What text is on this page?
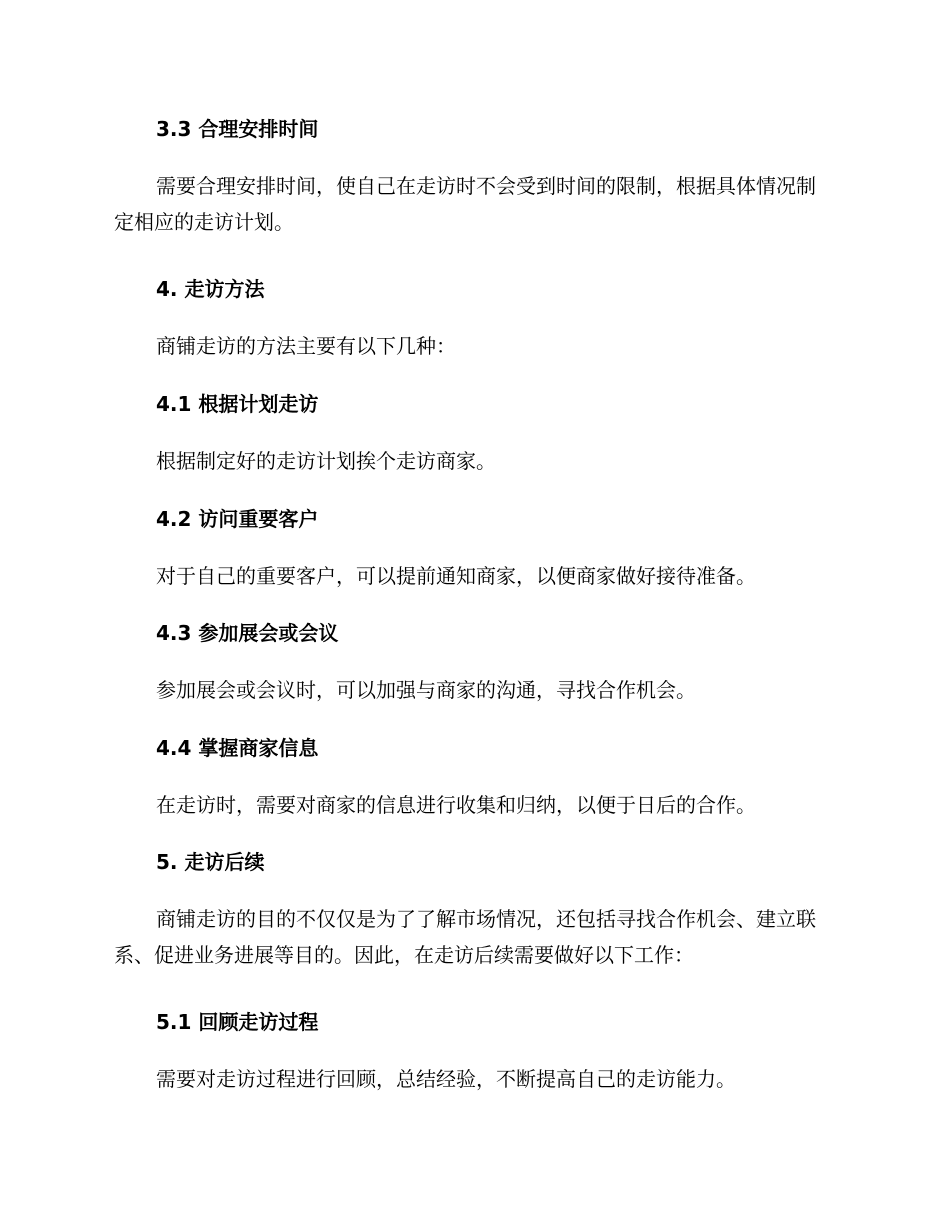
3.3 合理安排时间
需要合理安排时间，使自己在走访时不会受到时间的限制，根据具体情况制定相应的走访计划。
4. 走访方法
商铺走访的方法主要有以下几种：
4.1 根据计划走访
根据制定好的走访计划挨个走访商家。
4.2 访问重要客户
对于自己的重要客户，可以提前通知商家，以便商家做好接待准备。
4.3 参加展会或会议
参加展会或会议时，可以加强与商家的沟通，寻找合作机会。
4.4 掌握商家信息
在走访时，需要对商家的信息进行收集和归纳，以便于日后的合作。
5. 走访后续
商铺走访的目的不仅仅是为了了解市场情况，还包括寻找合作机会、建立联系、促进业务进展等目的。因此，在走访后续需要做好以下工作：
5.1 回顾走访过程
需要对走访过程进行回顾，总结经验，不断提高自己的走访能力。
